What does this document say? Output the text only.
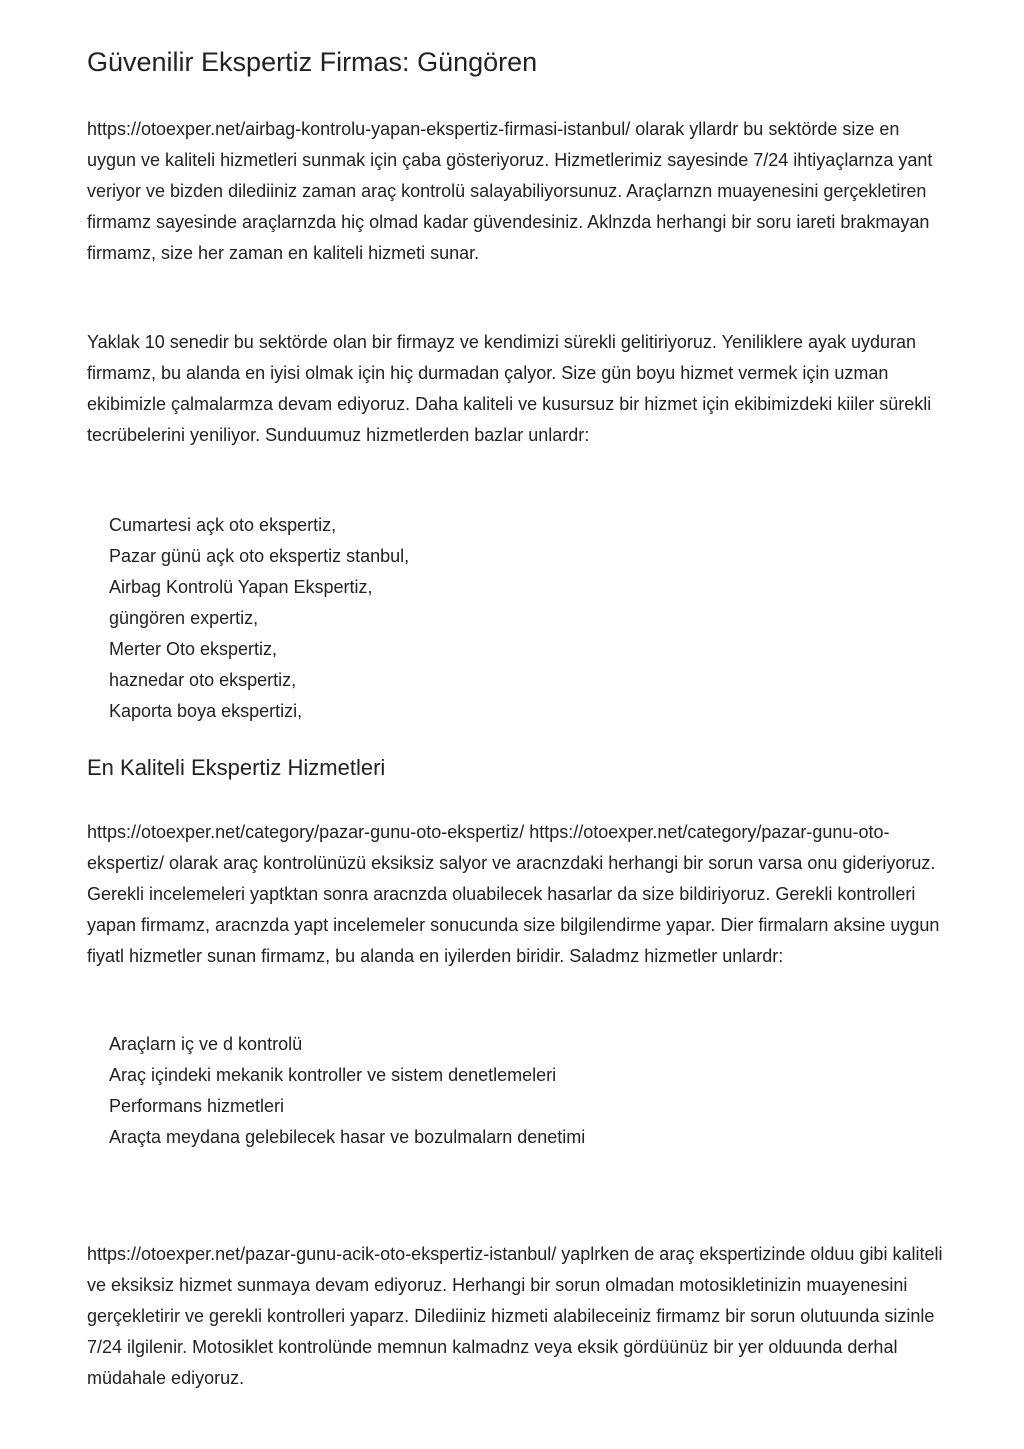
Güvenilir Ekspertiz Firmas: Güngören

https://otoexper.net/airbag-kontrolu-yapan-ekspertiz-firmasi-istanbul/ olarak yllardr bu sektörde size en uygun ve kaliteli hizmetleri sunmak için çaba gösteriyoruz. Hizmetlerimiz sayesinde 7/24 ihtiyaçlarnza yant veriyor ve bizden dilediiniz zaman araç kontrolü salayabiliyorsunuz. Araçlarnzn muayenesini gerçekletiren firmamz sayesinde araçlarnzda hiç olmad kadar güvendesiniz. Aklnzda herhangi bir soru iareti brakmayan firmamz, size her zaman en kaliteli hizmeti sunar.

Yaklak 10 senedir bu sektörde olan bir firmayz ve kendimizi sürekli gelitiriyoruz. Yeniliklere ayak uyduran firmamz, bu alanda en iyisi olmak için hiç durmadan çalyor. Size gün boyu hizmet vermek için uzman ekibimizle çalmalarmza devam ediyoruz. Daha kaliteli ve kusursuz bir hizmet için ekibimizdeki kiiler sürekli tecrübelerini yeniliyor. Sunduumuz hizmetlerden bazlar unlardr:

Cumartesi açk oto ekspertiz,
Pazar günü açk oto ekspertiz stanbul,
Airbag Kontrolü Yapan Ekspertiz,
güngören expertiz,
Merter Oto ekspertiz,
haznedar oto ekspertiz,
Kaporta boya ekspertizi,
En Kaliteli Ekspertiz Hizmetleri

https://otoexper.net/category/pazar-gunu-oto-ekspertiz/ https://otoexper.net/category/pazar-gunu-oto-ekspertiz/ olarak araç kontrolünüzü eksiksiz salyor ve aracnzdaki herhangi bir sorun varsa onu gideriyoruz. Gerekli incelemeleri yaptktan sonra aracnzda oluabilecek hasarlar da size bildiriyoruz. Gerekli kontrolleri yapan firmamz, aracnzda yapt incelemeler sonucunda size bilgilendirme yapar. Dier firmalarn aksine uygun fiyatl hizmetler sunan firmamz, bu alanda en iyilerden biridir. Saladmz hizmetler unlardr:

Araçlarn iç ve d kontrolü
Araç içindeki mekanik kontroller ve sistem denetlemeleri
Performans hizmetleri
Araçta meydana gelebilecek hasar ve bozulmalarn denetimi

https://otoexper.net/pazar-gunu-acik-oto-ekspertiz-istanbul/ yaplrken de araç ekspertizinde olduu gibi kaliteli ve eksiksiz hizmet sunmaya devam ediyoruz. Herhangi bir sorun olmadan motosikletinizin muayenesini gerçekletirir ve gerekli kontrolleri yaparz. Dilediiniz hizmeti alabileceiniz firmamz bir sorun olutuunda sizinle 7/24 ilgilenir. Motosiklet kontrolünde memnun kalmadnz veya eksik gördüünüz bir yer olduunda derhal müdahale ediyoruz.
